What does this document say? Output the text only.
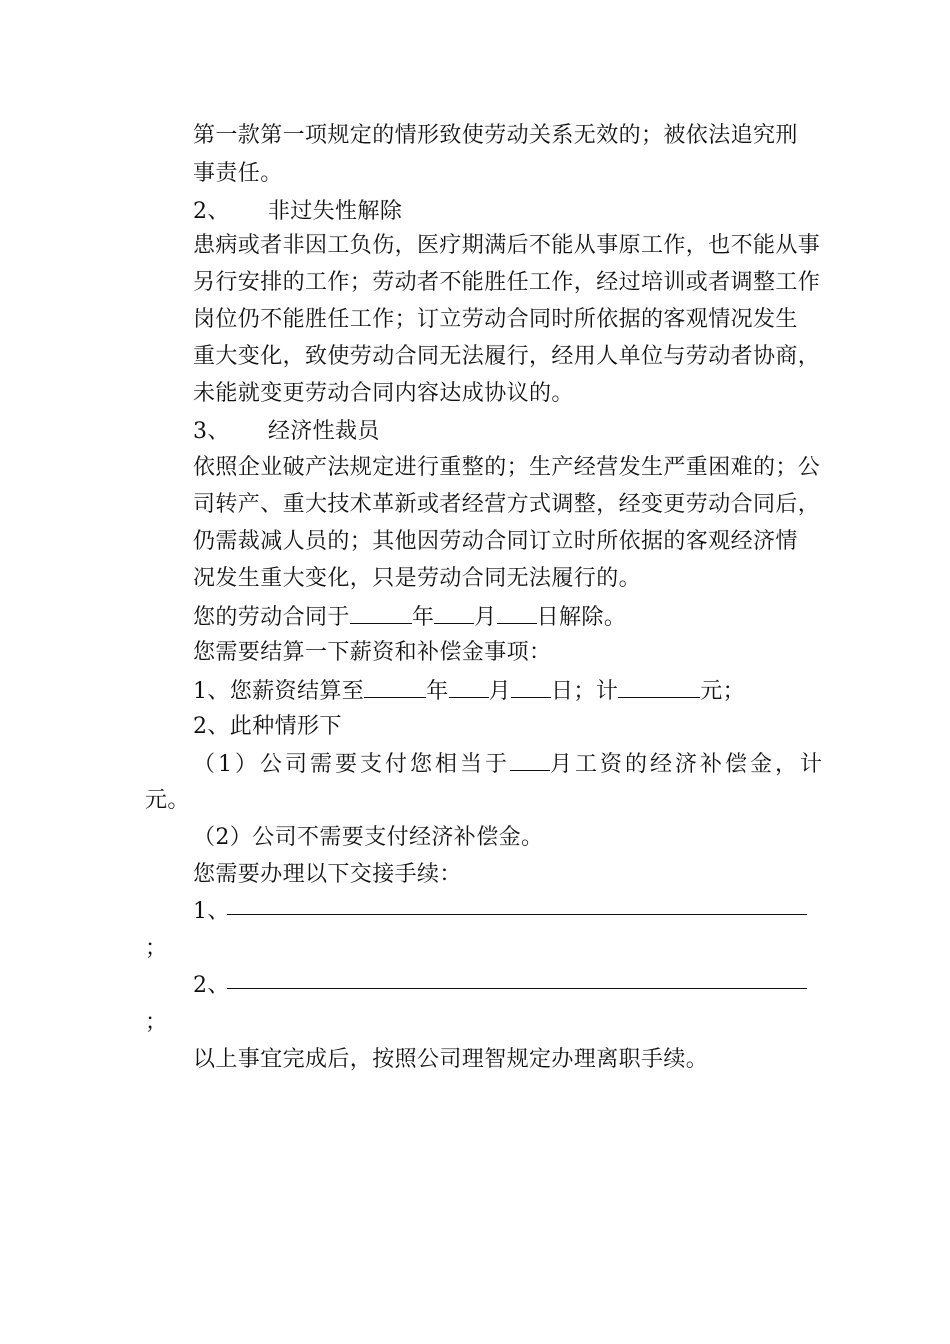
第一款第一项规定的情形致使劳动关系无效的；被依法追究刑
事责任。
2、 非过失性解除
患病或者非因工负伤，医疗期满后不能从事原工作，也不能从事
另行安排的工作；劳动者不能胜任工作，经过培训或者调整工作
岗位仍不能胜任工作；订立劳动合同时所依据的客观情况发生
重大变化，致使劳动合同无法履行，经用人单位与劳动者协商，
未能就变更劳动合同内容达成协议的。
3、 经济性裁员
依照企业破产法规定进行重整的；生产经营发生严重困难的；公
司转产、重大技术革新或者经营方式调整，经变更劳动合同后，
仍需裁减人员的；其他因劳动合同订立时所依据的客观经济情
况发生重大变化，只是劳动合同无法履行的。
您的劳动合同于	年 月 日解除。
您需要结算一下薪资和补偿金事项：
1、您薪资结算至	年 月 日；计	元；
2、此种情形下
（1）公司需要支付您相当于 月工资的经济补偿金，计
元。
（2）公司不需要支付经济补偿金。
您需要办理以下交接手续：
1、
；
2、
；
以上事宜完成后，按照公司理智规定办理离职手续。
